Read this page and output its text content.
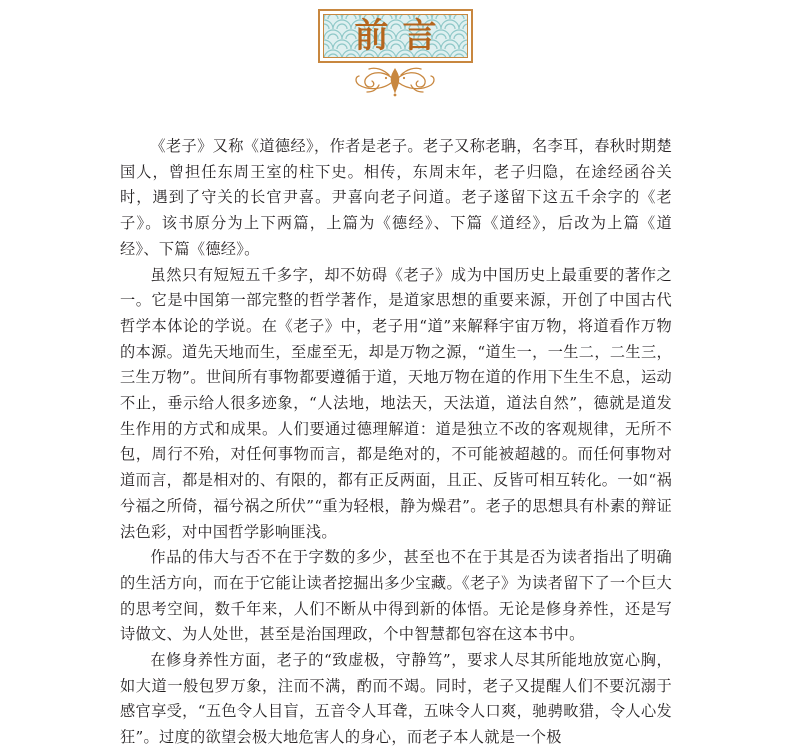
前言

《老子》又称《道德经》，作者是老子。老子又称老聃，名李耳，春秋时期楚国人，曾担任东周王室的柱下史。相传，东周末年，老子归隐，在途经函谷关时，遇到了守关的长官尹喜。尹喜向老子问道。老子遂留下这五千余字的《老子》。该书原分为上下两篇，上篇为《德经》、下篇《道经》，后改为上篇《道经》、下篇《德经》。

虽然只有短短五千多字，却不妨碍《老子》成为中国历史上最重要的著作之一。它是中国第一部完整的哲学著作，是道家思想的重要来源，开创了中国古代哲学本体论的学说。在《老子》中，老子用“道”来解释宇宙万物，将道看作万物的本源。道先天地而生，至虚至无，却是万物之源，“道生一，一生二，二生三，三生万物”。世间所有事物都要遵循于道，天地万物在道的作用下生生不息，运动不止，垂示给人很多迹象，“人法地，地法天，天法道，道法自然”，德就是道发生作用的方式和成果。人们要通过德理解道：道是独立不改的客观规律，无所不包，周行不殆，对任何事物而言，都是绝对的，不可能被超越的。而任何事物对道而言，都是相对的、有限的，都有正反两面，且正、反皆可相互转化。一如“祸兮福之所倚，福兮祸之所伏”“重为轻根，静为燥君”。老子的思想具有朴素的辩证法色彩，对中国哲学影响匪浅。

作品的伟大与否不在于字数的多少，甚至也不在于其是否为读者指出了明确的生活方向，而在于它能让读者挖掘出多少宝藏。《老子》为读者留下了一个巨大的思考空间，数千年来，人们不断从中得到新的体悟。无论是修身养性，还是写诗做文、为人处世，甚至是治国理政，个中智慧都包容在这本书中。

在修身养性方面，老子的“致虚极，守静笃”，要求人尽其所能地放宽心胸，如大道一般包罗万象，注而不满，酌而不竭。同时，老子又提醒人们不要沉溺于感官享受，“五色令人目盲，五音令人耳聋，五味令人口爽，驰骋畋猎，令人心发狂”。过度的欲望会极大地危害人的身心，而老子本人就是一个极
